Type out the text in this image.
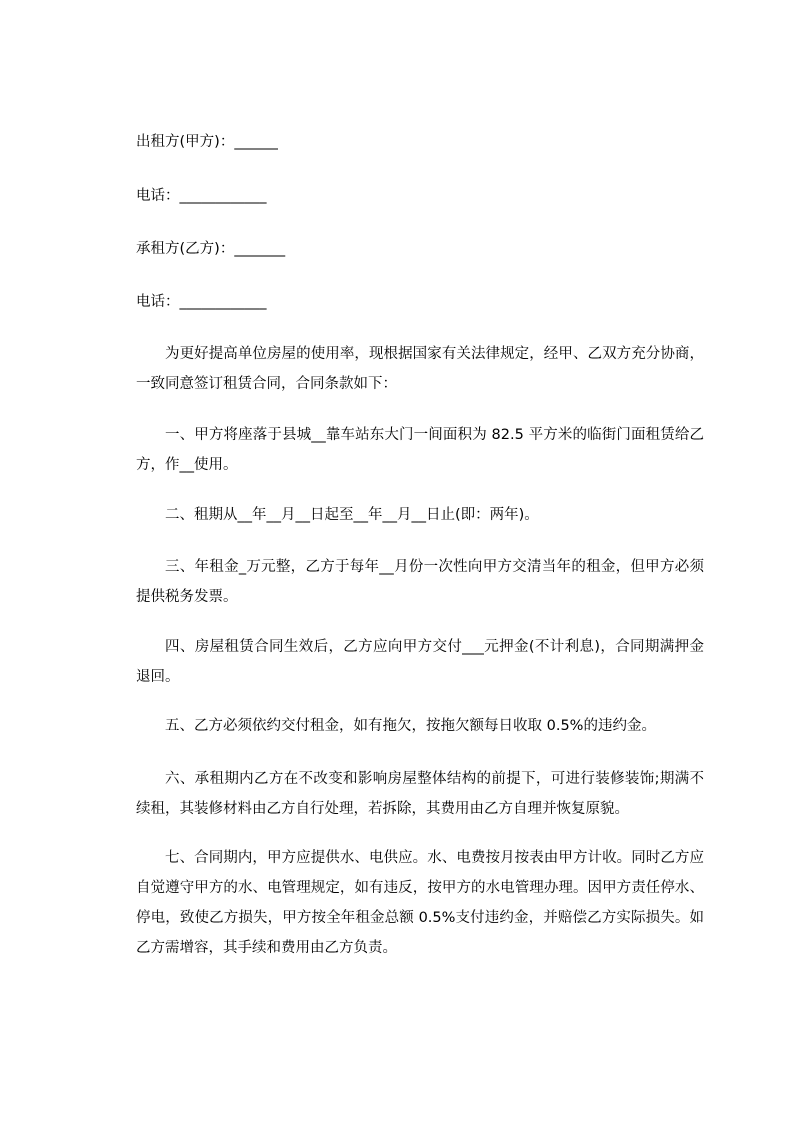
出租方(甲方)：______
电话：____________
承租方(乙方)：_______
电话：____________
为更好提高单位房屋的使用率，现根据国家有关法律规定，经甲、乙双方充分协商，一致同意签订租赁合同，合同条款如下：
一、甲方将座落于县城__靠车站东大门一间面积为 82.5 平方米的临街门面租赁给乙方，作__使用。
二、租期从__年__月__日起至__年__月__日止(即：两年)。
三、年租金_万元整，乙方于每年__月份一次性向甲方交清当年的租金，但甲方必须提供税务发票。
四、房屋租赁合同生效后，乙方应向甲方交付___元押金(不计利息)，合同期满押金退回。
五、乙方必须依约交付租金，如有拖欠，按拖欠额每日收取 0.5%的违约金。
六、承租期内乙方在不改变和影响房屋整体结构的前提下，可进行装修装饰;期满不续租，其装修材料由乙方自行处理，若拆除，其费用由乙方自理并恢复原貌。
七、合同期内，甲方应提供水、电供应。水、电费按月按表由甲方计收。同时乙方应自觉遵守甲方的水、电管理规定，如有违反，按甲方的水电管理办理。因甲方责任停水、停电，致使乙方损失，甲方按全年租金总额 0.5%支付违约金，并赔偿乙方实际损失。如乙方需增容，其手续和费用由乙方负责。
